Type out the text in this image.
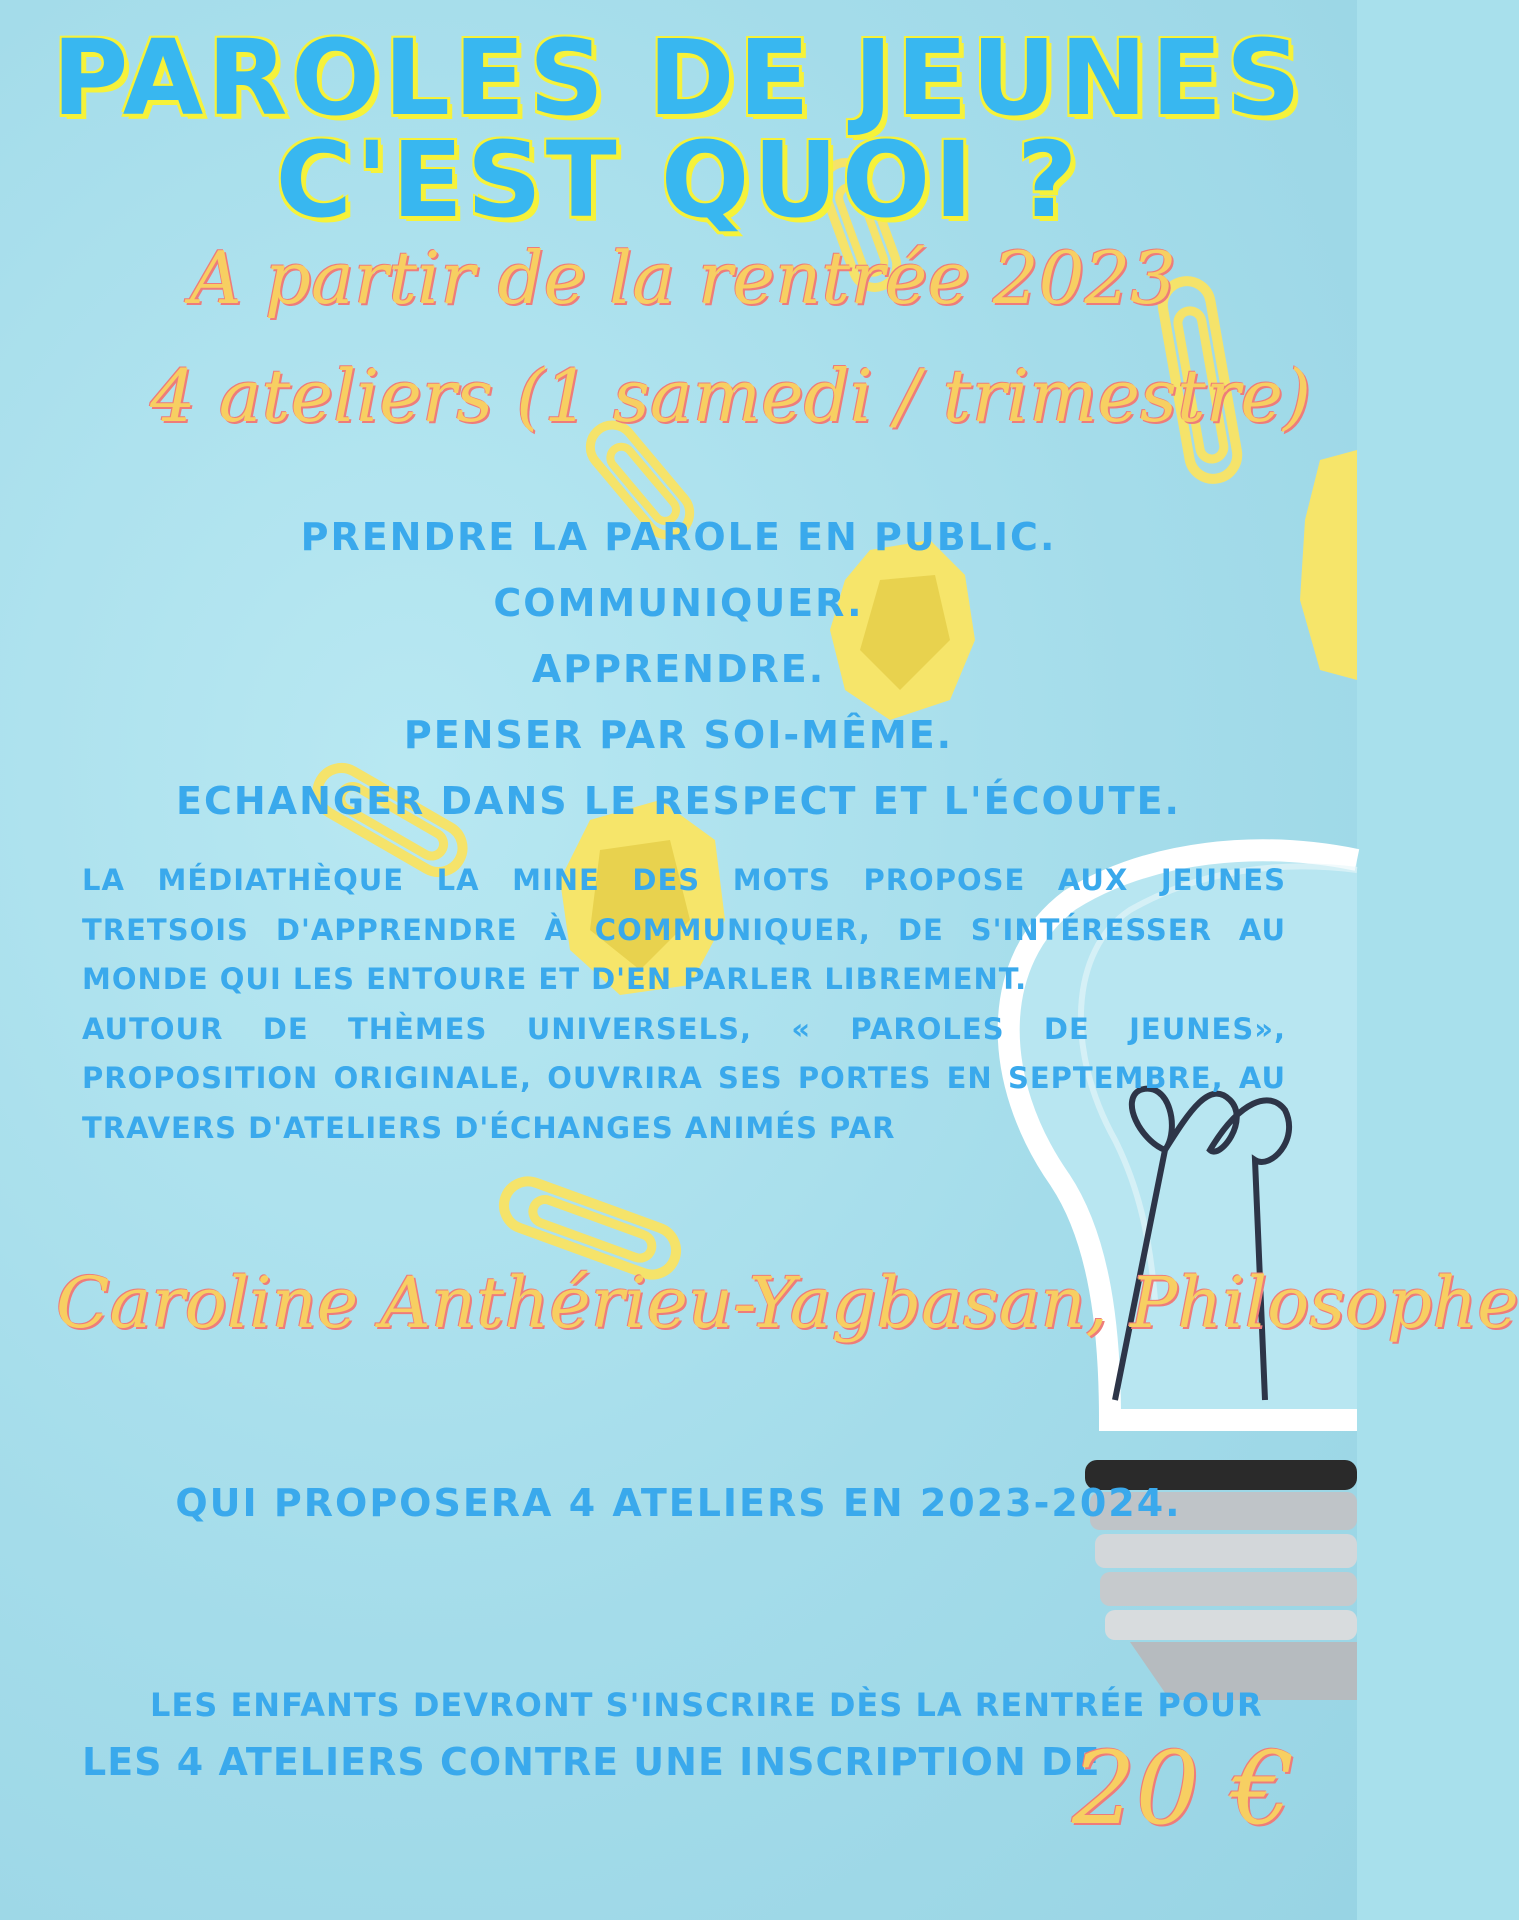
PAROLES DE JEUNES
C'EST QUOI ?
A partir de la rentrée 2023
4 ateliers (1 samedi / trimestre)
PRENDRE LA PAROLE EN PUBLIC.
COMMUNIQUER.
APPRENDRE.
PENSER PAR SOI-MÊME.
ECHANGER DANS LE RESPECT ET L'ÉCOUTE.

LA MÉDIATHÈQUE LA MINE DES MOTS PROPOSE AUX JEUNES TRETSOIS D'APPRENDRE À COMMUNIQUER, DE S'INTÉRESSER AU MONDE QUI LES ENTOURE ET D'EN PARLER LIBREMENT.

AUTOUR DE THÈMES UNIVERSELS, « PAROLES DE JEUNES», PROPOSITION ORIGINALE, OUVRIRA SES PORTES EN SEPTEMBRE, AU TRAVERS D'ATELIERS D'ÉCHANGES ANIMÉS PAR

Caroline Anthérieu-Yagbasan, Philosophe
QUI PROPOSERA 4 ATELIERS EN 2023-2024.
LES ENFANTS DEVRONT S'INSCRIRE DÈS LA RENTRÉE POUR
LES 4 ATELIERS CONTRE UNE INSCRIPTION DE
20 €
